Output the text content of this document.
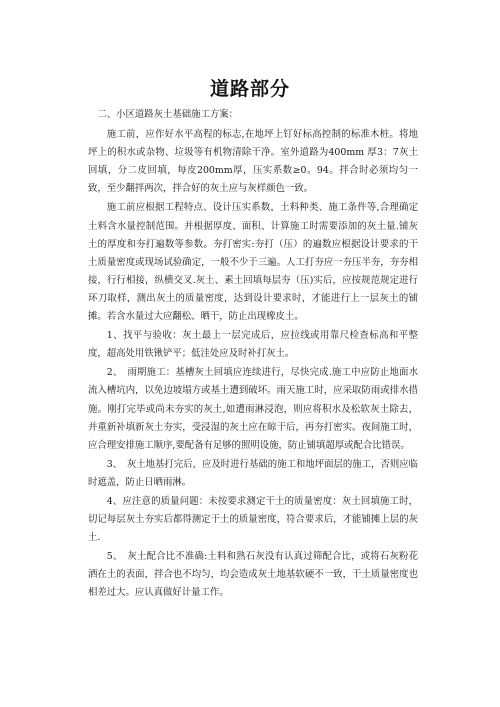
道路部分

二、小区道路灰土基础施工方案：

施工前，应作好水平高程的标志,在地坪上钉好标高控制的标准木桩。将地坪上的积水或杂物、垃圾等有机物清除干净。室外道路为400mm 厚3：7灰土回填，分二皮回填，每皮200mm厚，压实系数≥0。94。拌合时必须均匀一致，至少翻拌两次，拌合好的灰土应与灰样颜色一致。

施工前应根据工程特点、设计压实系数，土料种类、施工条件等,合理确定土料含水量控制范围。并根据厚度、面积、计算施工时需要添加的灰土量.铺灰土的厚度和夯打遍数等参数。夯打密实:夯打（压）的遍数应根据设计要求的干土质量密度或现场试验确定，一般不少于三遍。人工打夯应一夯压半夯，夯夯相接，行行相接，纵横交叉.灰土、素土回填每层夯（压)实后，应按规范规定进行环刀取样，测出灰土的质量密度，达到设计要求时，才能进行上一层灰土的铺摊。若含水量过大应翻松、晒干，防止出现橡皮土。

1、找平与验收：灰土最上一层完成后，应拉线或用靠尺检查标高和平整度，超高处用铁锹铲平；低洼处应及时补打灰土。

2、　雨期施工：基槽灰土回填应连续进行，尽快完成.施工中应防止地面水流入槽坑内，以免边坡塌方或基土遭到破坏。雨天施工时，应采取防雨或排水措施。刚打完毕或尚未夯实的灰土,如遭雨淋浸泡，则应将积水及松软灰土除去，并重新补填新灰土夯实，受浸湿的灰土应在晾干后，再夯打密实。夜间施工时，应合理安排施工顺序,要配备有足够的照明设施，防止铺填超厚或配合比错误。

3、　灰土地基打完后，应及时进行基础的施工和地坪面层的施工，否则应临时遮盖，防止日晒雨淋。

4、应注意的质量问题：未按要求测定干土的质量密度：灰土回填施工时，切记每层灰土夯实后都得测定干土的质量密度，符合要求后，才能铺摊上层的灰土.

5、　灰土配合比不准确:土料和熟石灰没有认真过筛配合比，或将石灰粉花洒在土的表面，拌合也不均匀，均会造成灰土地基软硬不一致，干土质量密度也相差过大。应认真做好计量工作。
